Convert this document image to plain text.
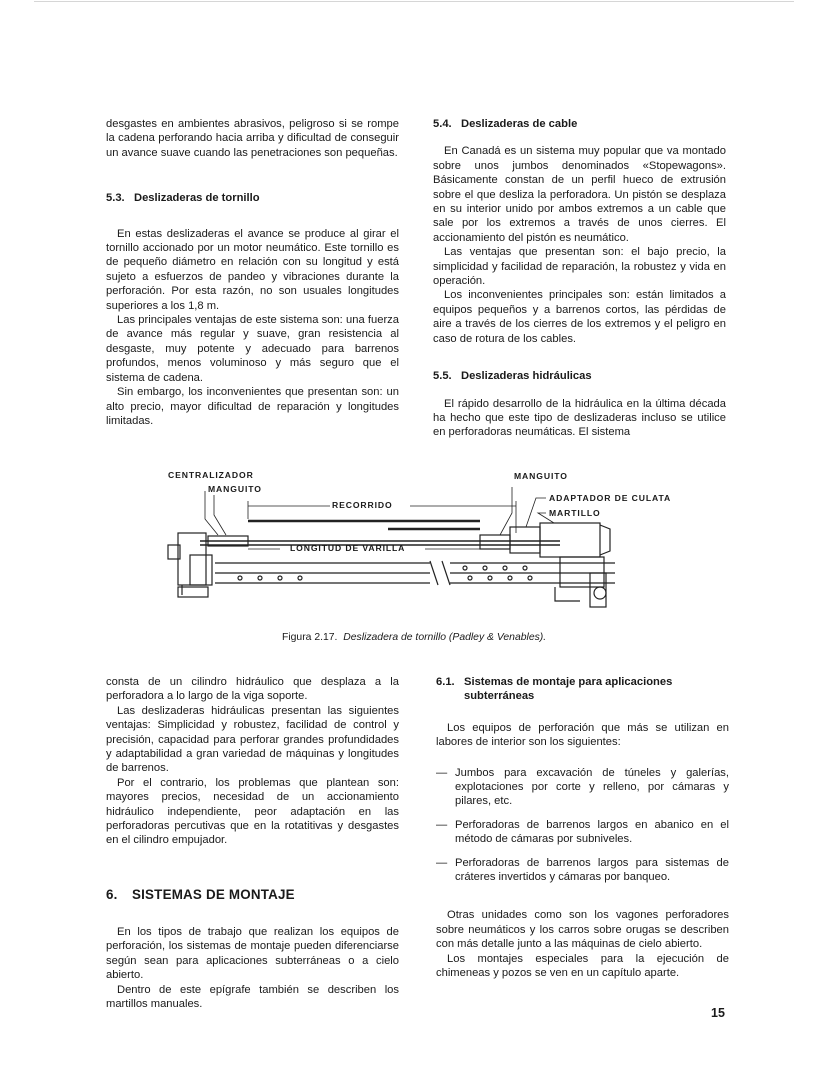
desgastes en ambientes abrasivos, peligroso si se rompe la cadena perforando hacia arriba y dificultad de conseguir un avance suave cuando las penetraciones son pequeñas.

5.3. Deslizaderas de tornillo

En estas deslizaderas el avance se produce al girar el tornillo accionado por un motor neumático. Este tornillo es de pequeño diámetro en relación con su longitud y está sujeto a esfuerzos de pandeo y vibraciones durante la perforación. Por esta razón, no son usuales longitudes superiores a los 1,8 m.

Las principales ventajas de este sistema son: una fuerza de avance más regular y suave, gran resistencia al desgaste, muy potente y adecuado para barrenos profundos, menos voluminoso y más seguro que el sistema de cadena.

Sin embargo, los inconvenientes que presentan son: un alto precio, mayor dificultad de reparación y longitudes limitadas.

5.4. Deslizaderas de cable

En Canadá es un sistema muy popular que va montado sobre unos jumbos denominados «Stopewagons». Básicamente constan de un perfil hueco de extrusión sobre el que desliza la perforadora. Un pistón se desplaza en su interior unido por ambos extremos a un cable que sale por los extremos a través de unos cierres. El accionamiento del pistón es neumático.

Las ventajas que presentan son: el bajo precio, la simplicidad y facilidad de reparación, la robustez y vida en operación.

Los inconvenientes principales son: están limitados a equipos pequeños y a barrenos cortos, las pérdidas de aire a través de los cierres de los extremos y el peligro en caso de rotura de los cables.

5.5. Deslizaderas hidráulicas

El rápido desarrollo de la hidráulica en la última década ha hecho que este tipo de deslizaderas incluso se utilice en perforadoras neumáticas. El sistema

CENTRALIZADOR
MANGUITO
RECORRIDO
LONGITUD DE VARILLA
MANGUITO
ADAPTADOR DE CULATA
MARTILLO
Figura 2.17. Deslizadera de tornillo (Padley & Venables).

consta de un cilindro hidráulico que desplaza a la perforadora a lo largo de la viga soporte.

Las deslizaderas hidráulicas presentan las siguientes ventajas: Simplicidad y robustez, facilidad de control y precisión, capacidad para perforar grandes profundidades y adaptabilidad a gran variedad de máquinas y longitudes de barrenos.

Por el contrario, los problemas que plantean son: mayores precios, necesidad de un accionamiento hidráulico independiente, peor adaptación en las perforadoras percutivas que en la rotatitivas y desgastes en el cilindro empujador.

6. SISTEMAS DE MONTAJE

En los tipos de trabajo que realizan los equipos de perforación, los sistemas de montaje pueden diferenciarse según sean para aplicaciones subterráneas o a cielo abierto.

Dentro de este epígrafe también se describen los martillos manuales.

6.1. Sistemas de montaje para aplicaciones subterráneas

Los equipos de perforación que más se utilizan en labores de interior son los siguientes:

— Jumbos para excavación de túneles y galerías, explotaciones por corte y relleno, por cámaras y pilares, etc.
— Perforadoras de barrenos largos en abanico en el método de cámaras por subniveles.
— Perforadoras de barrenos largos para sistemas de cráteres invertidos y cámaras por banqueo.

Otras unidades como son los vagones perforadores sobre neumáticos y los carros sobre orugas se describen con más detalle junto a las máquinas de cielo abierto.

Los montajes especiales para la ejecución de chimeneas y pozos se ven en un capítulo aparte.

15
